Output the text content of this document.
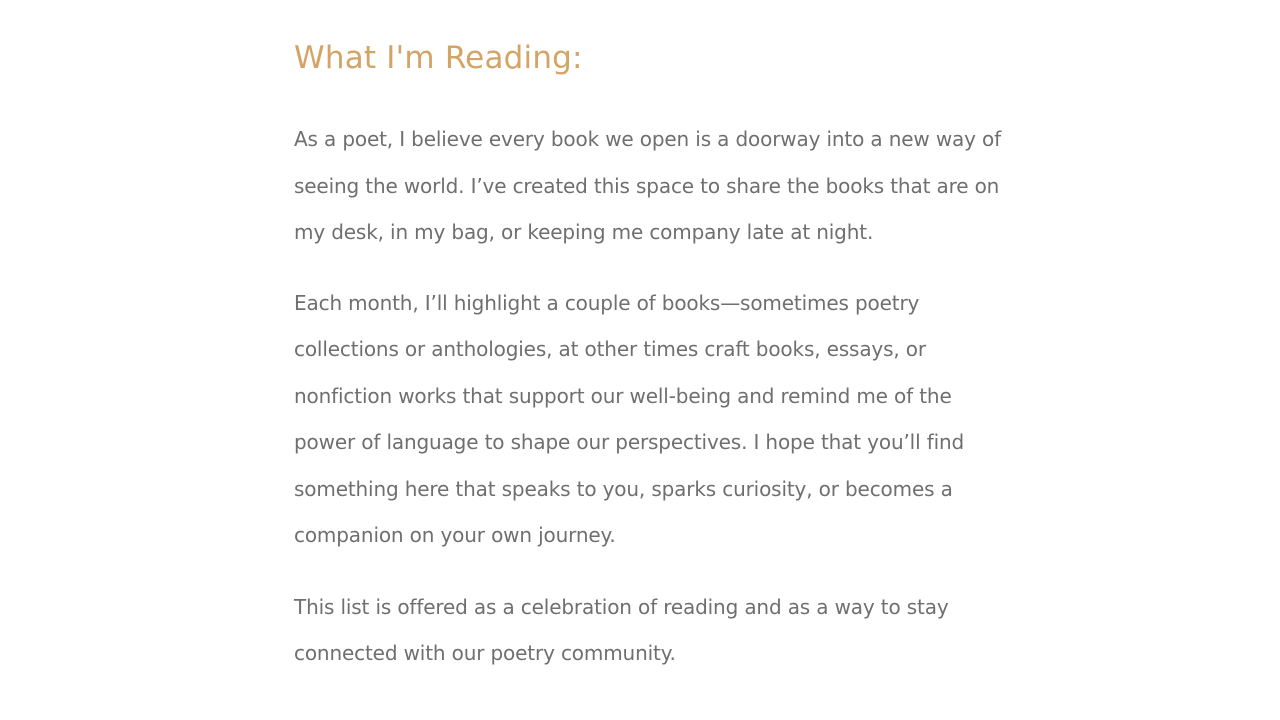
What I'm Reading:

As a poet, I believe every book we open is a doorway into a new way of
seeing the world. I’ve created this space to share the books that are on
my desk, in my bag, or keeping me company late at night.

Each month, I’ll highlight a couple of books—sometimes poetry
collections or anthologies, at other times craft books, essays, or
nonfiction works that support our well-being and remind me of the
power of language to shape our perspectives. I hope that you’ll find
something here that speaks to you, sparks curiosity, or becomes a
companion on your own journey.

This list is offered as a celebration of reading and as a way to stay
connected with our poetry community.
